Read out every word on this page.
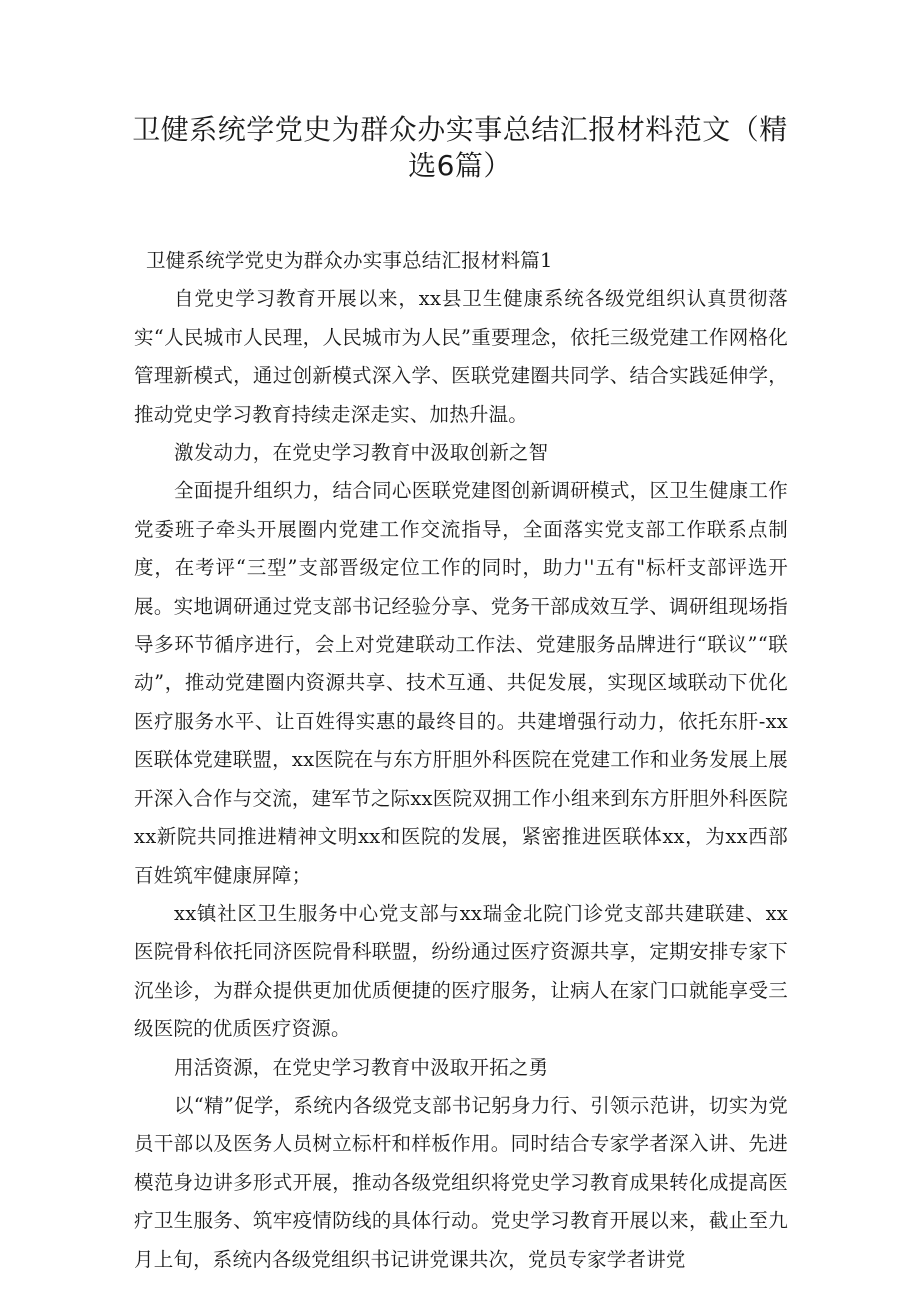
卫健系统学党史为群众办实事总结汇报材料范文（精选6篇）

卫健系统学党史为群众办实事总结汇报材料篇1

自党史学习教育开展以来，xx县卫生健康系统各级党组织认真贯彻落实“人民城市人民理，人民城市为人民”重要理念，依托三级党建工作网格化管理新模式，通过创新模式深入学、医联党建圈共同学、结合实践延伸学，推动党史学习教育持续走深走实、加热升温。

激发动力，在党史学习教育中汲取创新之智

全面提升组织力，结合同心医联党建图创新调研模式，区卫生健康工作党委班子牵头开展圈内党建工作交流指导，全面落实党支部工作联系点制度，在考评“三型”支部晋级定位工作的同时，助力''五有"标杆支部评选开展。实地调研通过党支部书记经验分享、党务干部成效互学、调研组现场指导多环节循序进行，会上对党建联动工作法、党建服务品牌进行“联议”“联动”，推动党建圈内资源共享、技术互通、共促发展，实现区域联动下优化医疗服务水平、让百姓得实惠的最终目的。共建增强行动力，依托东肝-xx医联体党建联盟，xx医院在与东方肝胆外科医院在党建工作和业务发展上展开深入合作与交流，建军节之际xx医院双拥工作小组来到东方肝胆外科医院xx新院共同推进精神文明xx和医院的发展，紧密推进医联体xx，为xx西部百姓筑牢健康屏障；

xx镇社区卫生服务中心党支部与xx瑞金北院门诊党支部共建联建、xx医院骨科依托同济医院骨科联盟，纷纷通过医疗资源共享，定期安排专家下沉坐诊，为群众提供更加优质便捷的医疗服务，让病人在家门口就能享受三级医院的优质医疗资源。

用活资源，在党史学习教育中汲取开拓之勇

以“精”促学，系统内各级党支部书记躬身力行、引领示范讲，切实为党员干部以及医务人员树立标杆和样板作用。同时结合专家学者深入讲、先进模范身边讲多形式开展，推动各级党组织将党史学习教育成果转化成提高医疗卫生服务、筑牢疫情防线的具体行动。党史学习教育开展以来，截止至九月上旬，系统内各级党组织书记讲党课共次，党员专家学者讲党
